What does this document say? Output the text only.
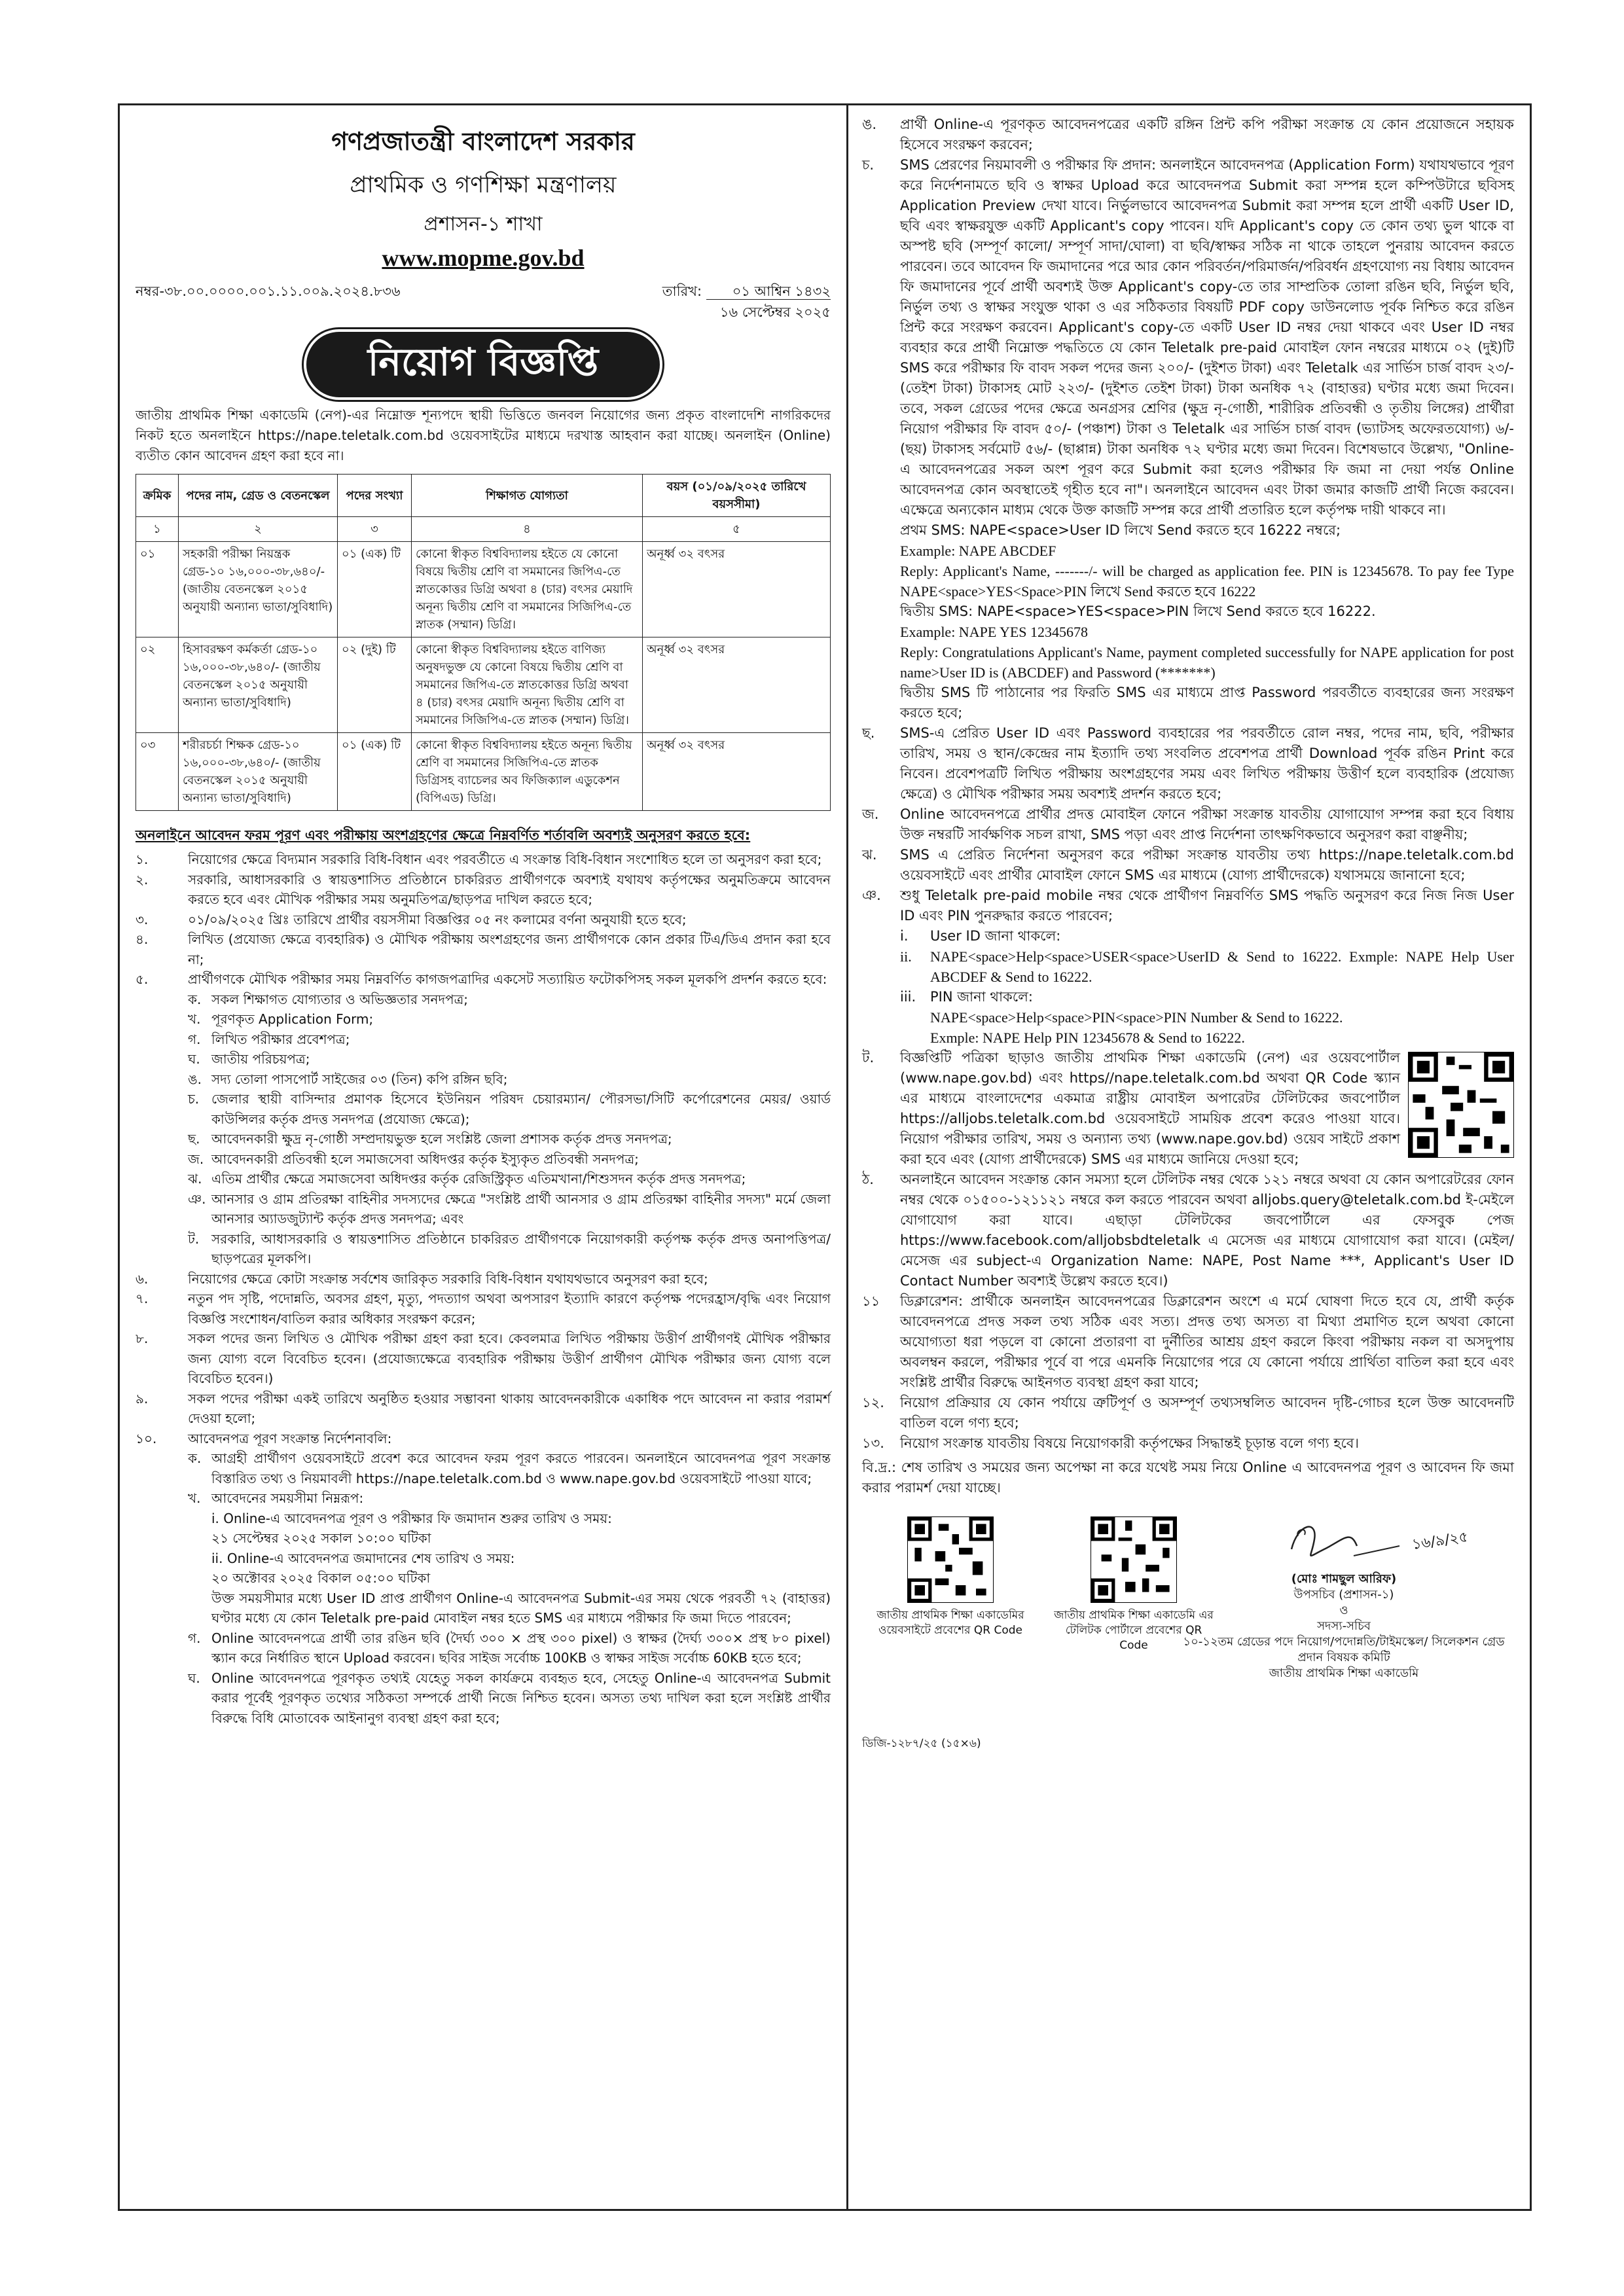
গণপ্রজাতন্ত্রী বাংলাদেশ সরকার
প্রাথমিক ও গণশিক্ষা মন্ত্রণালয়
প্রশাসন-১ শাখা
www.mopme.gov.bd
নম্বর-৩৮.০০.০০০০.০০১.১১.০০৯.২০২৪.৮৩৬	তারিখ: ০১ আশ্বিন ১৪৩২
১৬ সেপ্টেম্বর ২০২৫
নিয়োগ বিজ্ঞপ্তি
জাতীয় প্রাথমিক শিক্ষা একাডেমি (নেপ)-এর নিম্নোক্ত শূন্যপদে স্থায়ী ভিত্তিতে জনবল নিয়োগের জন্য প্রকৃত বাংলাদেশি নাগরিকদের নিকট হতে অনলাইনে https://nape.teletalk.com.bd ওয়েবসাইটের মাধ্যমে দরখাস্ত আহবান করা যাচ্ছে। অনলাইন (Online) ব্যতীত কোন আবেদন গ্রহণ করা হবে না।
ক্রমিক	পদের নাম, গ্রেড ও বেতনস্কেল	পদের সংখ্যা	শিক্ষাগত যোগ্যতা	বয়স (০১/০৯/২০২৫ তারিখে বয়সসীমা)
১	২	৩	৪	৫
০১	সহকারী পরীক্ষা নিয়ন্ত্রক গ্রেড-১০ ১৬,০০০-৩৮,৬৪০/- (জাতীয় বেতনস্কেল ২০১৫ অনুযায়ী অন্যান্য ভাতা/সুবিধাদি)	০১ (এক) টি	কোনো স্বীকৃত বিশ্ববিদ্যালয় হইতে যে কোনো বিষয়ে দ্বিতীয় শ্রেণি বা সমমানের জিপিএ-তে স্নাতকোত্তর ডিগ্রি অথবা ৪ (চার) বৎসর মেয়াদি অনূন্য দ্বিতীয় শ্রেণি বা সমমানের সিজিপিএ-তে স্নাতক (সম্মান) ডিগ্রি।	অনূর্ধ্ব ৩২ বৎসর
০২	হিসাবরক্ষণ কর্মকর্তা গ্রেড-১০ ১৬,০০০-৩৮,৬৪০/- (জাতীয় বেতনস্কেল ২০১৫ অনুযায়ী অন্যান্য ভাতা/সুবিধাদি)	০২ (দুই) টি	কোনো স্বীকৃত বিশ্ববিদ্যালয় হইতে বাণিজ্য অনুষদভুক্ত যে কোনো বিষয়ে দ্বিতীয় শ্রেণি বা সমমানের জিপিএ-তে স্নাতকোত্তর ডিগ্রি অথবা ৪ (চার) বৎসর মেয়াদি অনূন্য দ্বিতীয় শ্রেণি বা সমমানের সিজিপিএ-তে স্নাতক (সম্মান) ডিগ্রি।	অনূর্ধ্ব ৩২ বৎসর
০৩	শরীরচর্চা শিক্ষক গ্রেড-১০ ১৬,০০০-৩৮,৬৪০/- (জাতীয় বেতনস্কেল ২০১৫ অনুযায়ী অন্যান্য ভাতা/সুবিধাদি)	০১ (এক) টি	কোনো স্বীকৃত বিশ্ববিদ্যালয় হইতে অনূন্য দ্বিতীয় শ্রেণি বা সমমানের সিজিপিএ-তে স্নাতক ডিগ্রিসহ ব্যাচেলর অব ফিজিক্যাল এডুকেশন (বিপিএড) ডিগ্রি।	অনূর্ধ্ব ৩২ বৎসর
অনলাইনে আবেদন ফরম পূরণ এবং পরীক্ষায় অংশগ্রহণের ক্ষেত্রে নিম্নবর্ণিত শর্তাবলি অবশ্যই অনুসরণ করতে হবে:
১.	নিয়োগের ক্ষেত্রে বিদ্যমান সরকারি বিধি-বিধান এবং পরবর্তীতে এ সংক্রান্ত বিধি-বিধান সংশোধিত হলে তা অনুসরণ করা হবে;
২.	সরকারি, আধাসরকারি ও স্বায়ত্তশাসিত প্রতিষ্ঠানে চাকরিরত প্রার্থীগণকে অবশ্যই যথাযথ কর্তৃপক্ষের অনুমতিক্রমে আবেদন করতে হবে এবং মৌখিক পরীক্ষার সময় অনুমতিপত্র/ছাড়পত্র দাখিল করতে হবে;
৩.	০১/০৯/২০২৫ খ্রিঃ তারিখে প্রার্থীর বয়সসীমা বিজ্ঞপ্তির ০৫ নং কলামের বর্ণনা অনুযায়ী হতে হবে;
৪.	লিখিত (প্রযোজ্য ক্ষেত্রে ব্যবহারিক) ও মৌখিক পরীক্ষায় অংশগ্রহণের জন্য প্রার্থীগণকে কোন প্রকার টিএ/ডিএ প্রদান করা হবে না;
৫.	প্রার্থীগণকে মৌখিক পরীক্ষার সময় নিম্নবর্ণিত কাগজপত্রাদির একসেট সত্যায়িত ফটোকপিসহ সকল মূলকপি প্রদর্শন করতে হবে:
ক. সকল শিক্ষাগত যোগ্যতার ও অভিজ্ঞতার সনদপত্র;
খ. পূরণকৃত Application Form;
গ. লিখিত পরীক্ষার প্রবেশপত্র;
ঘ. জাতীয় পরিচয়পত্র;
ঙ. সদ্য তোলা পাসপোর্ট সাইজের ০৩ (তিন) কপি রঙ্গিন ছবি;
চ. জেলার স্থায়ী বাসিন্দার প্রমাণক হিসেবে ইউনিয়ন পরিষদ চেয়ারম্যান/ পৌরসভা/সিটি কর্পোরেশনের মেয়র/ ওয়ার্ড কাউন্সিলর কর্তৃক প্রদত্ত সনদপত্র (প্রযোজ্য ক্ষেত্রে);
ছ. আবেদনকারী ক্ষুদ্র নৃ-গোষ্ঠী সম্প্রদায়ভুক্ত হলে সংশ্লিষ্ট জেলা প্রশাসক কর্তৃক প্রদত্ত সনদপত্র;
জ. আবেদনকারী প্রতিবন্ধী হলে সমাজসেবা অধিদপ্তর কর্তৃক ইস্যুকৃত প্রতিবন্ধী সনদপত্র;
ঝ. এতিম প্রার্থীর ক্ষেত্রে সমাজসেবা অধিদপ্তর কর্তৃক রেজিস্ট্রিকৃত এতিমখানা/শিশুসদন কর্তৃক প্রদত্ত সনদপত্র;
ঞ. আনসার ও গ্রাম প্রতিরক্ষা বাহিনীর সদস্যদের ক্ষেত্রে "সংশ্লিষ্ট প্রার্থী আনসার ও গ্রাম প্রতিরক্ষা বাহিনীর সদস্য" মর্মে জেলা আনসার অ্যাডজুট্যান্ট কর্তৃক প্রদত্ত সনদপত্র; এবং
ট. সরকারি, আধাসরকারি ও স্বায়ত্তশাসিত প্রতিষ্ঠানে চাকরিরত প্রার্থীগণকে নিয়োগকারী কর্তৃপক্ষ কর্তৃক প্রদত্ত অনাপত্তিপত্র/ছাড়পত্রের মূলকপি।
৬.	নিয়োগের ক্ষেত্রে কোটা সংক্রান্ত সর্বশেষ জারিকৃত সরকারি বিধি-বিধান যথাযথভাবে অনুসরণ করা হবে;
৭.	নতুন পদ সৃষ্টি, পদোন্নতি, অবসর গ্রহণ, মৃত্যু, পদত্যাগ অথবা অপসারণ ইত্যাদি কারণে কর্তৃপক্ষ পদেরহ্রাস/বৃদ্ধি এবং নিয়োগ বিজ্ঞপ্তি সংশোধন/বাতিল করার অধিকার সংরক্ষণ করেন;
৮.	সকল পদের জন্য লিখিত ও মৌখিক পরীক্ষা গ্রহণ করা হবে। কেবলমাত্র লিখিত পরীক্ষায় উত্তীর্ণ প্রার্থীগণই মৌখিক পরীক্ষার জন্য যোগ্য বলে বিবেচিত হবেন। (প্রযোজ্যক্ষেত্রে ব্যবহারিক পরীক্ষায় উত্তীর্ণ প্রার্থীগণ মৌখিক পরীক্ষার জন্য যোগ্য বলে বিবেচিত হবেন।)
৯.	সকল পদের পরীক্ষা একই তারিখে অনুষ্ঠিত হওয়ার সম্ভাবনা থাকায় আবেদনকারীকে একাধিক পদে আবেদন না করার পরামর্শ দেওয়া হলো;
১০.	আবেদনপত্র পূরণ সংক্রান্ত নির্দেশনাবলি:
ক. আগ্রহী প্রার্থীগণ ওয়েবসাইটে প্রবেশ করে আবেদন ফরম পূরণ করতে পারবেন। অনলাইনে আবেদনপত্র পূরণ সংক্রান্ত বিস্তারিত তথ্য ও নিয়মাবলী https://nape.teletalk.com.bd ও www.nape.gov.bd ওয়েবসাইটে পাওয়া যাবে;
খ. আবেদনের সময়সীমা নিম্নরূপ:
i. Online-এ আবেদনপত্র পূরণ ও পরীক্ষার ফি জমাদান শুরুর তারিখ ও সময়:
২১ সেপ্টেম্বর ২০২৫ সকাল ১০:০০ ঘটিকা
ii. Online-এ আবেদনপত্র জমাদানের শেষ তারিখ ও সময়:
২০ অক্টোবর ২০২৫ বিকাল ০৫:০০ ঘটিকা
উক্ত সময়সীমার মধ্যে User ID প্রাপ্ত প্রার্থীগণ Online-এ আবেদনপত্র Submit-এর সময় থেকে পরবর্তী ৭২ (বাহাত্তর) ঘণ্টার মধ্যে যে কোন Teletalk pre-paid মোবাইল নম্বর হতে SMS এর মাধ্যমে পরীক্ষার ফি জমা দিতে পারবেন;
গ. Online আবেদনপত্রে প্রার্থী তার রঙিন ছবি (দৈর্ঘ্য ৩০০ × প্রস্থ ৩০০ pixel) ও স্বাক্ষর (দৈর্ঘ্য ৩০০× প্রস্থ ৮০ pixel) স্ক্যান করে নির্ধারিত স্থানে Upload করবেন। ছবির সাইজ সর্বোচ্চ 100KB ও স্বাক্ষর সাইজ সর্বোচ্চ 60KB হতে হবে;
ঘ. Online আবেদনপত্রে পূরণকৃত তথ্যই যেহেতু সকল কার্যক্রমে ব্যবহৃত হবে, সেহেতু Online-এ আবেদনপত্র Submit করার পূর্বেই পূরণকৃত তথ্যের সঠিকতা সম্পর্কে প্রার্থী নিজে নিশ্চিত হবেন। অসত্য তথ্য দাখিল করা হলে সংশ্লিষ্ট প্রার্থীর বিরুদ্ধে বিধি মোতাবেক আইনানুগ ব্যবস্থা গ্রহণ করা হবে;
ঙ.	প্রার্থী Online-এ পূরণকৃত আবেদনপত্রের একটি রঙ্গিন প্রিন্ট কপি পরীক্ষা সংক্রান্ত যে কোন প্রয়োজনে সহায়ক হিসেবে সংরক্ষণ করবেন;
চ.	SMS প্রেরণের নিয়মাবলী ও পরীক্ষার ফি প্রদান: অনলাইনে আবেদনপত্র (Application Form) যথাযথভাবে পূরণ করে নির্দেশনামতে ছবি ও স্বাক্ষর Upload করে আবেদনপত্র Submit করা সম্পন্ন হলে কম্পিউটারে ছবিসহ Application Preview দেখা যাবে। নির্ভুলভাবে আবেদনপত্র Submit করা সম্পন্ন হলে প্রার্থী একটি User ID, ছবি এবং স্বাক্ষরযুক্ত একটি Applicant's copy পাবেন। যদি Applicant's copy তে কোন তথ্য ভুল থাকে বা অস্পষ্ট ছবি (সম্পূর্ণ কালো/ সম্পূর্ণ সাদা/ঘোলা) বা ছবি/স্বাক্ষর সঠিক না থাকে তাহলে পুনরায় আবেদন করতে পারবেন। তবে আবেদন ফি জমাদানের পরে আর কোন পরিবর্তন/পরিমার্জন/পরিবর্ধন গ্রহণযোগ্য নয় বিধায় আবেদন ফি জমাদানের পূর্বে প্রার্থী অবশ্যই উক্ত Applicant's copy-তে তার সাম্প্রতিক তোলা রঙিন ছবি, নির্ভুল ছবি, নির্ভুল তথ্য ও স্বাক্ষর সংযুক্ত থাকা ও এর সঠিকতার বিষয়টি PDF copy ডাউনলোড পূর্বক নিশ্চিত করে রঙিন প্রিন্ট করে সংরক্ষণ করবেন। Applicant's copy-তে একটি User ID নম্বর দেয়া থাকবে এবং User ID নম্বর ব্যবহার করে প্রার্থী নিম্নোক্ত পদ্ধতিতে যে কোন Teletalk pre-paid মোবাইল ফোন নম্বরের মাধ্যমে ০২ (দুই)টি SMS করে পরীক্ষার ফি বাবদ সকল পদের জন্য ২০০/- (দুইশত টাকা) এবং Teletalk এর সার্ভিস চার্জ বাবদ ২৩/- (তেইশ টাকা) টাকাসহ মোট ২২৩/- (দুইশত তেইশ টাকা) টাকা অনধিক ৭২ (বাহাত্তর) ঘণ্টার মধ্যে জমা দিবেন। তবে, সকল গ্রেডের পদের ক্ষেত্রে অনগ্রসর শ্রেণির (ক্ষুদ্র নৃ-গোষ্ঠী, শারীরিক প্রতিবন্ধী ও তৃতীয় লিঙ্গের) প্রার্থীরা নিয়োগ পরীক্ষার ফি বাবদ ৫০/- (পঞ্চাশ) টাকা ও Teletalk এর সার্ভিস চার্জ বাবদ (ভ্যাটসহ অফেরতযোগ্য) ৬/-(ছয়) টাকাসহ সর্বমোট ৫৬/- (ছাপ্পান্ন) টাকা অনধিক ৭২ ঘণ্টার মধ্যে জমা দিবেন। বিশেষভাবে উল্লেখ্য, "Online-এ আবেদনপত্রের সকল অংশ পূরণ করে Submit করা হলেও পরীক্ষার ফি জমা না দেয়া পর্যন্ত Online আবেদনপত্র কোন অবস্থাতেই গৃহীত হবে না"। অনলাইনে আবেদন এবং টাকা জমার কাজটি প্রার্থী নিজে করবেন। এক্ষেত্রে অন্যকোন মাধ্যম থেকে উক্ত কাজটি সম্পন্ন করে প্রার্থী প্রতারিত হলে কর্তৃপক্ষ দায়ী থাকবে না।
প্রথম SMS: NAPE<space>User ID লিখে Send করতে হবে 16222 নম্বরে;
Example: NAPE ABCDEF
Reply: Applicant's Name, -------/- will be charged as application fee. PIN is 12345678. To pay fee Type NAPE<space>YES<Space>PIN লিখে Send করতে হবে 16222
দ্বিতীয় SMS: NAPE<space>YES<space>PIN লিখে Send করতে হবে 16222.
Example: NAPE YES 12345678
Reply: Congratulations Applicant's Name, payment completed successfully for NAPE application for post name>User ID is (ABCDEF) and Password (*******)
দ্বিতীয় SMS টি পাঠানোর পর ফিরতি SMS এর মাধ্যমে প্রাপ্ত Password পরবর্তীতে ব্যবহারের জন্য সংরক্ষণ করতে হবে;
ছ.	SMS-এ প্রেরিত User ID এবং Password ব্যবহারের পর পরবর্তীতে রোল নম্বর, পদের নাম, ছবি, পরীক্ষার তারিখ, সময় ও স্থান/কেন্দ্রের নাম ইত্যাদি তথ্য সংবলিত প্রবেশপত্র প্রার্থী Download পূর্বক রঙিন Print করে নিবেন। প্রবেশপত্রটি লিখিত পরীক্ষায় অংশগ্রহণের সময় এবং লিখিত পরীক্ষায় উত্তীর্ণ হলে ব্যবহারিক (প্রযোজ্য ক্ষেত্রে) ও মৌখিক পরীক্ষার সময় অবশ্যই প্রদর্শন করতে হবে;
জ.	Online আবেদনপত্রে প্রার্থীর প্রদত্ত মোবাইল ফোনে পরীক্ষা সংক্রান্ত যাবতীয় যোগাযোগ সম্পন্ন করা হবে বিধায় উক্ত নম্বরটি সার্বক্ষণিক সচল রাখা, SMS পড়া এবং প্রাপ্ত নির্দেশনা তাৎক্ষণিকভাবে অনুসরণ করা বাঞ্ছনীয়;
ঝ.	SMS এ প্রেরিত নির্দেশনা অনুসরণ করে পরীক্ষা সংক্রান্ত যাবতীয় তথ্য https://nape.teletalk.com.bd ওয়েবসাইটে এবং প্রার্থীর মোবাইল ফোনে SMS এর মাধ্যমে (যোগ্য প্রার্থীদেরকে) যথাসময়ে জানানো হবে;
ঞ.	শুধু Teletalk pre-paid mobile নম্বর থেকে প্রার্থীগণ নিম্নবর্ণিত SMS পদ্ধতি অনুসরণ করে নিজ নিজ User ID এবং PIN পুনরুদ্ধার করতে পারবেন;
i.	User ID জানা থাকলে:
ii.	NAPE<space>Help<space>USER<space>UserID & Send to 16222. Exmple: NAPE Help User ABCDEF & Send to 16222.
iii.	PIN জানা থাকলে:
NAPE<space>Help<space>PIN<space>PIN Number & Send to 16222.
Exmple: NAPE Help PIN 12345678 & Send to 16222.
ট.	বিজ্ঞপ্তিটি পত্রিকা ছাড়াও জাতীয় প্রাথমিক শিক্ষা একাডেমি (নেপ) এর ওয়েবপোর্টাল (www.nape.gov.bd) এবং https//nape.teletalk.com.bd অথবা QR Code স্ক্যান এর মাধ্যমে বাংলাদেশের একমাত্র রাষ্ট্রীয় মোবাইল অপারেটর টেলিটকের জবপোর্টাল https://alljobs.teletalk.com.bd ওয়েবসাইটে সাময়িক প্রবেশ করেও পাওয়া যাবে। নিয়োগ পরীক্ষার তারিখ, সময় ও অন্যান্য তথ্য (www.nape.gov.bd) ওয়েব সাইটে প্রকাশ করা হবে এবং (যোগ্য প্রার্থীদেরকে) SMS এর মাধ্যমে জানিয়ে দেওয়া হবে;
ঠ.	অনলাইনে আবেদন সংক্রান্ত কোন সমস্যা হলে টেলিটক নম্বর থেকে ১২১ নম্বরে অথবা যে কোন অপারেটরের ফোন নম্বর থেকে ০১৫০০-১২১১২১ নম্বরে কল করতে পারবেন অথবা alljobs.query@teletalk.com.bd ই-মেইলে যোগাযোগ করা যাবে। এছাড়া টেলিটকের জবপোর্টালে এর ফেসবুক পেজ https://www.facebook.com/alljobsbdteletalk এ মেসেজ এর মাধ্যমে যোগাযোগ করা যাবে। (মেইল/মেসেজ এর subject-এ Organization Name: NAPE, Post Name ***, Applicant's User ID Contact Number অবশ্যই উল্লেখ করতে হবে।)
১১	ডিক্লারেশন: প্রার্থীকে অনলাইন আবেদনপত্রের ডিক্লারেশন অংশে এ মর্মে ঘোষণা দিতে হবে যে, প্রার্থী কর্তৃক আবেদনপত্রে প্রদত্ত সকল তথ্য সঠিক এবং সত্য। প্রদত্ত তথ্য অসত্য বা মিথ্যা প্রমাণিত হলে অথবা কোনো অযোগ্যতা ধরা পড়লে বা কোনো প্রতারণা বা দুর্নীতির আশ্রয় গ্রহণ করলে কিংবা পরীক্ষায় নকল বা অসদুপায় অবলম্বন করলে, পরীক্ষার পূর্বে বা পরে এমনকি নিয়োগের পরে যে কোনো পর্যায়ে প্রার্থিতা বাতিল করা হবে এবং সংশ্লিষ্ট প্রার্থীর বিরুদ্ধে আইনগত ব্যবস্থা গ্রহণ করা যাবে;
১২.	নিয়োগ প্রক্রিয়ার যে কোন পর্যায়ে ত্রুটিপূর্ণ ও অসম্পূর্ণ তথ্যসম্বলিত আবেদন দৃষ্টি-গোচর হলে উক্ত আবেদনটি বাতিল বলে গণ্য হবে;
১৩.	নিয়োগ সংক্রান্ত যাবতীয় বিষয়ে নিয়োগকারী কর্তৃপক্ষের সিদ্ধান্তই চূড়ান্ত বলে গণ্য হবে।
বি.দ্র.: শেষ তারিখ ও সময়ের জন্য অপেক্ষা না করে যথেষ্ট সময় নিয়ে Online এ আবেদনপত্র পূরণ ও আবেদন ফি জমা করার পরামর্শ দেয়া যাচ্ছে।
জাতীয় প্রাথমিক শিক্ষা একাডেমির ওয়েবসাইটে প্রবেশের QR Code
জাতীয় প্রাথমিক শিক্ষা একাডেমি এর টেলিটক পোর্টালে প্রবেশের QR Code
১৬/৯/২৫
(মোঃ শামছুল আরিফ)
উপসচিব (প্রশাসন-১)
ও
সদস্য-সচিব
১০-১২তম গ্রেডের পদে নিয়োগ/পদোন্নতি/টাইমস্কেল/ সিলেকশন গ্রেড প্রদান বিষয়ক কমিটি
জাতীয় প্রাথমিক শিক্ষা একাডেমি
ডিজি-১২৮৭/২৫ (১৫×৬)
